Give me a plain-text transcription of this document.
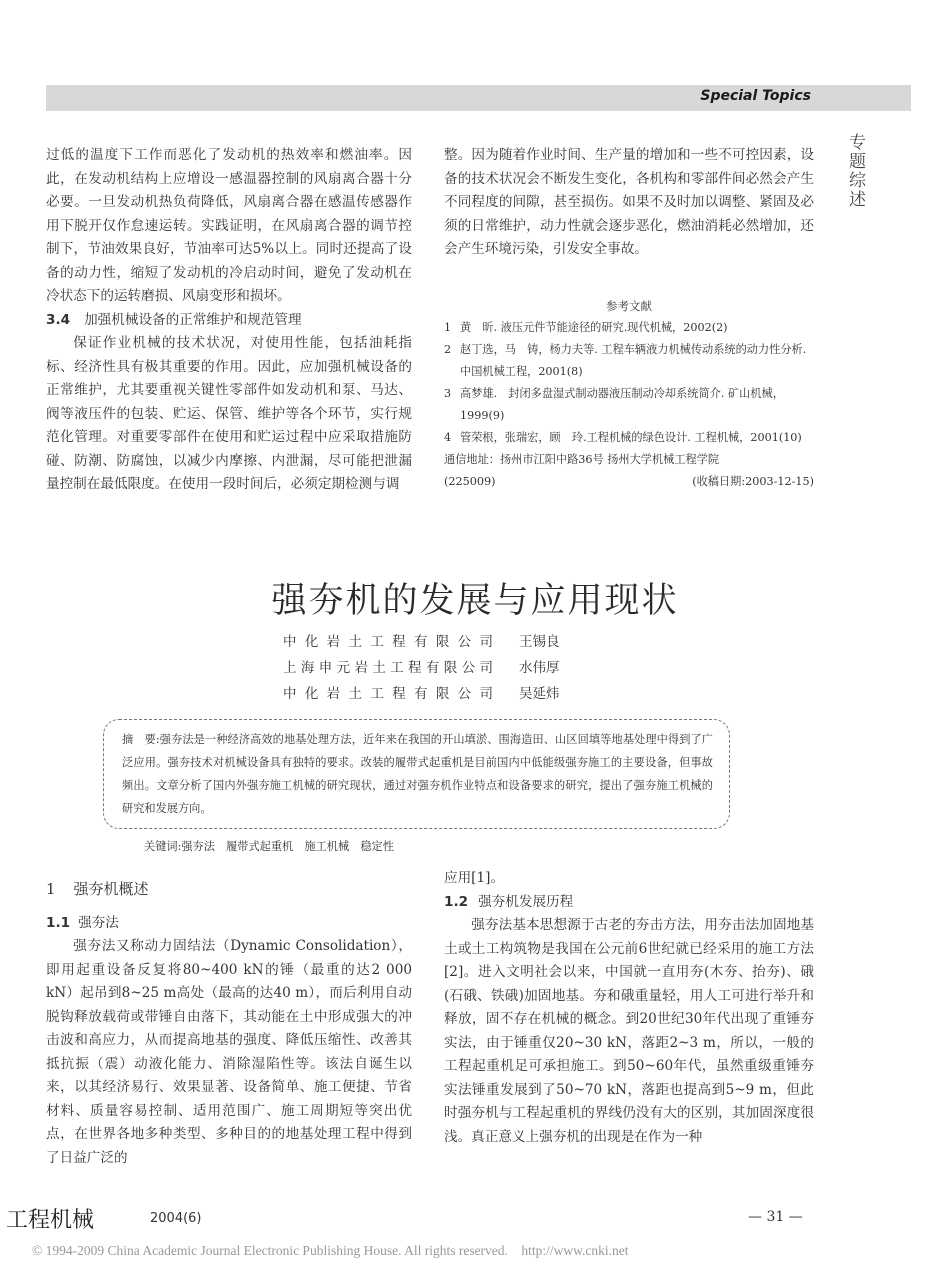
Special Topics
专题综述

过低的温度下工作而恶化了发动机的热效率和燃油率。因此，在发动机结构上应增设一感温器控制的风扇离合器十分必要。一旦发动机热负荷降低，风扇离合器在感温传感器作用下脱开仅作怠速运转。实践证明，在风扇离合器的调节控制下，节油效果良好，节油率可达5%以上。同时还提高了设备的动力性，缩短了发动机的冷启动时间，避免了发动机在冷状态下的运转磨损、风扇变形和损坏。

3.4 加强机械设备的正常维护和规范管理

保证作业机械的技术状况，对使用性能，包括油耗指标、经济性具有极其重要的作用。因此，应加强机械设备的正常维护，尤其要重视关键性零部件如发动机和泵、马达、阀等液压件的包装、贮运、保管、维护等各个环节，实行规范化管理。对重要零部件在使用和贮运过程中应采取措施防碰、防潮、防腐蚀，以减少内摩擦、内泄漏，尽可能把泄漏量控制在最低限度。在使用一段时间后，必须定期检测与调

整。因为随着作业时间、生产量的增加和一些不可控因素，设备的技术状况会不断发生变化，各机构和零部件间必然会产生不同程度的间隙，甚至损伤。如果不及时加以调整、紧固及必须的日常维护，动力性就会逐步恶化，燃油消耗必然增加，还会产生环境污染，引发安全事故。

参考文献
1 黄　昕. 液压元件节能途径的研究.现代机械，2002(2)
2 赵丁选，马　铸，杨力夫等. 工程车辆液力机械传动系统的动力性分析. 中国机械工程，2001(8)
3 高梦雄.　封闭多盘湿式制动器液压制动冷却系统简介. 矿山机械，1999(9)
4 管荣根，张瑞宏，顾　玲.工程机械的绿色设计. 工程机械，2001(10)
通信地址：扬州市江阳中路36号 扬州大学机械工程学院
(225009)	(收稿日期:2003-12-15)
强夯机的发展与应用现状
中化岩土工程有限公司 王锡良
上海申元岩土工程有限公司 水伟厚
中化岩土工程有限公司 吴延炜
摘　要:强夯法是一种经济高效的地基处理方法，近年来在我国的开山填淤、围海造田、山区回填等地基处理中得到了广泛应用。强夯技术对机械设备具有独特的要求。改装的履带式起重机是目前国内中低能级强夯施工的主要设备，但事故频出。文章分析了国内外强夯施工机械的研究现状，通过对强夯机作业特点和设备要求的研究，提出了强夯施工机械的研究和发展方向。
关键词:强夯法　履带式起重机　施工机械　稳定性

1 强夯机概述

1.1 强夯法

强夯法又称动力固结法（Dynamic Consolidation），即用起重设备反复将80~400 kN的锤（最重的达2 000 kN）起吊到8~25 m高处（最高的达40 m），而后利用自动脱钩释放载荷或带锤自由落下，其动能在土中形成强大的冲击波和高应力，从而提高地基的强度、降低压缩性、改善其抵抗振（震）动液化能力、消除湿陷性等。该法自诞生以来，以其经济易行、效果显著、设备简单、施工便捷、节省材料、质量容易控制、适用范围广、施工周期短等突出优点，在世界各地多种类型、多种目的的地基处理工程中得到了日益广泛的

应用[1]。

1.2 强夯机发展历程

强夯法基本思想源于古老的夯击方法，用夯击法加固地基土或土工构筑物是我国在公元前6世纪就已经采用的施工方法[2]。进入文明社会以来，中国就一直用夯(木夯、抬夯)、硪(石硪、铁硪)加固地基。夯和硪重量轻，用人工可进行举升和释放，固不存在机械的概念。到20世纪30年代出现了重锤夯实法，由于锤重仅20~30 kN，落距2~3 m，所以，一般的工程起重机足可承担施工。到50~60年代，虽然重级重锤夯实法锤重发展到了50~70 kN，落距也提高到5~9 m，但此时强夯机与工程起重机的界线仍没有大的区别，其加固深度很浅。真正意义上强夯机的出现是在作为一种

工程机械	2004(6)	— 31 —
© 1994-2009 China Academic Journal Electronic Publishing House. All rights reserved.　http://www.cnki.net
